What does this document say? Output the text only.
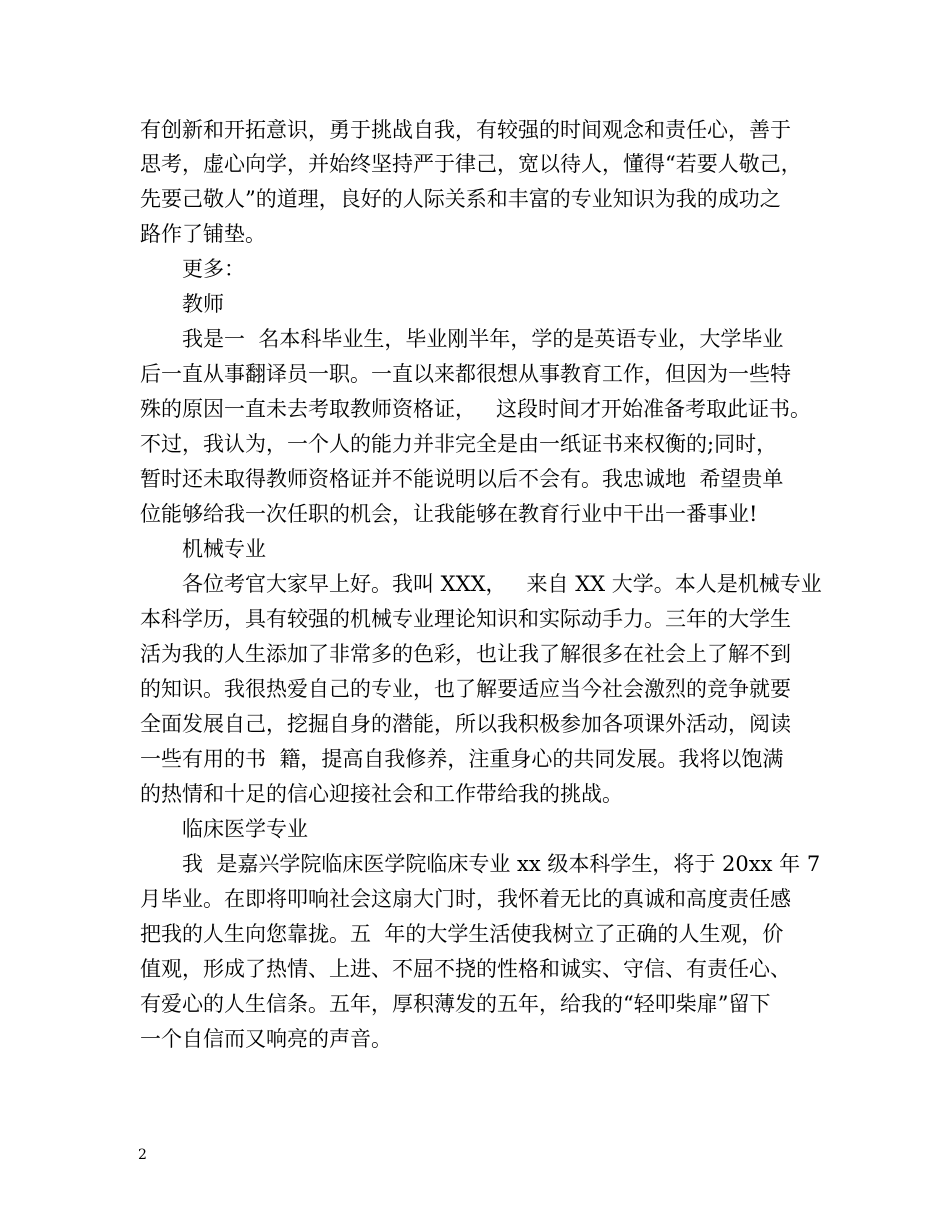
有创新和开拓意识，勇于挑战自我，有较强的时间观念和责任心，善于
思考，虚心向学，并始终坚持严于律己，宽以待人，懂得“若要人敬己，
先要己敬人”的道理，良好的人际关系和丰富的专业知识为我的成功之
路作了铺垫。
更多：
教师
我是一  名本科毕业生，毕业刚半年，学的是英语专业，大学毕业
后一直从事翻译员一职。一直以来都很想从事教育工作，但因为一些特
殊的原因一直未去考取教师资格证，   这段时间才开始准备考取此证书。
不过，我认为，一个人的能力并非完全是由一纸证书来权衡的;同时，
暂时还未取得教师资格证并不能说明以后不会有。我忠诚地  希望贵单
位能够给我一次任职的机会，让我能够在教育行业中干出一番事业!
机械专业
各位考官大家早上好。我叫 XXX，   来自 XX 大学。本人是机械专业
本科学历，具有较强的机械专业理论知识和实际动手力。三年的大学生
活为我的人生添加了非常多的色彩，也让我了解很多在社会上了解不到
的知识。我很热爱自己的专业，也了解要适应当今社会激烈的竞争就要
全面发展自己，挖掘自身的潜能，所以我积极参加各项课外活动，阅读
一些有用的书  籍，提高自我修养，注重身心的共同发展。我将以饱满
的热情和十足的信心迎接社会和工作带给我的挑战。
临床医学专业
我  是嘉兴学院临床医学院临床专业 xx 级本科学生，将于 20xx 年 7
月毕业。在即将叩响社会这扇大门时，我怀着无比的真诚和高度责任感
把我的人生向您靠拢。五  年的大学生活使我树立了正确的人生观，价
值观，形成了热情、上进、不屈不挠的性格和诚实、守信、有责任心、
有爱心的人生信条。五年，厚积薄发的五年，给我的“轻叩柴扉”留下
一个自信而又响亮的声音。
2
